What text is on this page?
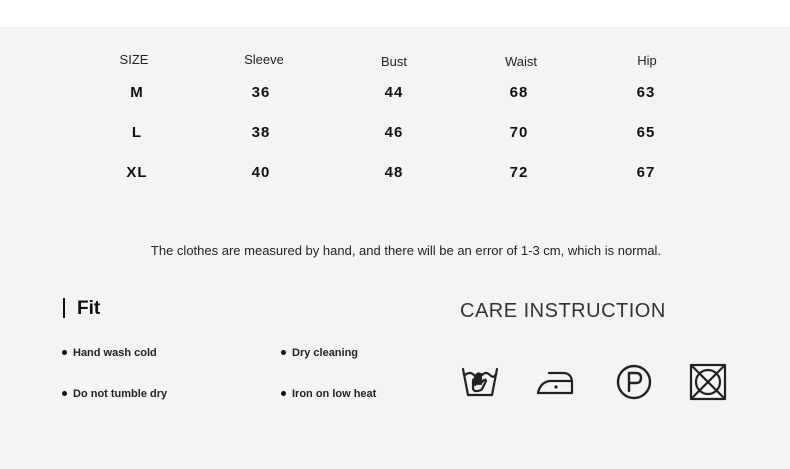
SIZE	Sleeve	Bust	Waist	Hip
M	36	44	68	63
L	38	46	70	65
XL	40	48	72	67
The clothes are measured by hand, and there will be an error of 1-3 cm, which is normal.
Fit
Hand wash cold	Dry cleaning
Do not tumble dry	Iron on low heat
CARE INSTRUCTION
